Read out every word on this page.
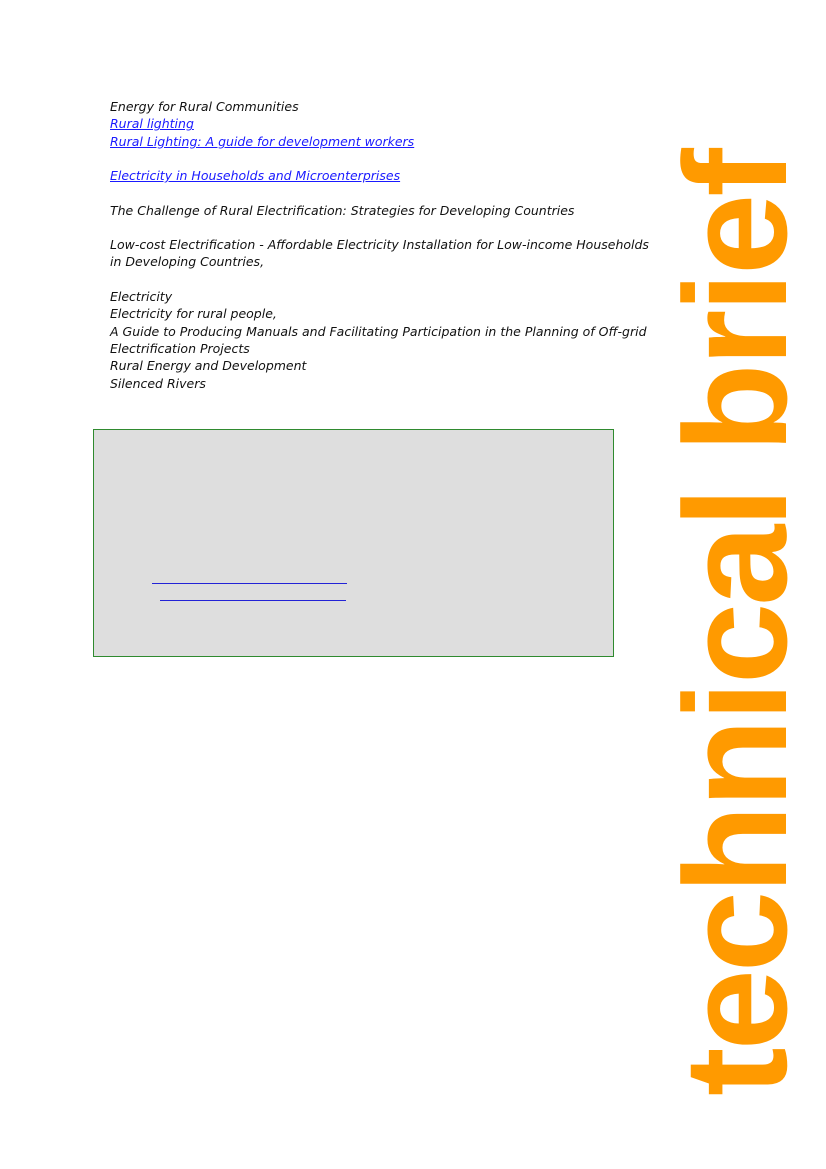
Energy for Rural Communities
Rural lighting
Rural Lighting: A guide for development workers
Electricity in Households and Microenterprises
The Challenge of Rural Electrification: Strategies for Developing Countries
Low-cost Electrification - Affordable Electricity Installation for Low-income Households in Developing Countries,
Electricity
Electricity for rural people,
A Guide to Producing Manuals and Facilitating Participation in the Planning of Off-grid Electrification Projects
Rural Energy and Development
Silenced Rivers	technical brief
